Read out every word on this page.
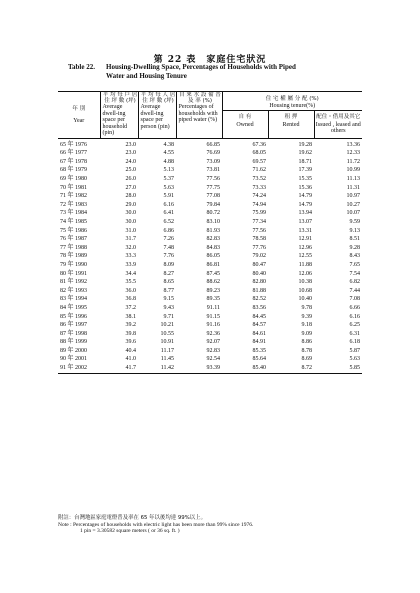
第 22 表　家庭住宅狀況
Table 22. Housing-Dwelling Space, Percentages of Households with Piped
Water and Housing Tenure
年 別
Year	平 均 每 戶 居 住 坪 數 (坪)
Average dwell-ing space per household (pin)	平 均 每 人 居 住 坪 數 (坪)
Average dwell-ing space per person (pin)	自 來 水 設 備 普 及 率 (%)
Percentages of households with piped water (%)	住 宅 權 屬 分 配 (%)
Housing tenure(%)		

				自 有
Owned	租 押
Rented	配住・借用及其它
Issued , leased and others

65 年 1976	23.0	4.38	66.85	67.36	19.28	13.36
66 年 1977	23.0	4.55	76.69	68.05	19.62	12.33
67 年 1978	24.0	4.88	73.09	69.57	18.71	11.72
68 年 1979	25.0	5.13	73.81	71.62	17.39	10.99
69 年 1980	26.0	5.37	77.56	73.52	15.35	11.13
70 年 1981	27.0	5.63	77.75	73.33	15.36	11.31
71 年 1982	28.0	5.91	77.08	74.24	14.79	10.97
72 年 1983	29.0	6.16	79.84	74.94	14.79	10.27
73 年 1984	30.0	6.41	80.72	75.99	13.94	10.07
74 年 1985	30.0	6.52	83.10	77.34	13.07	9.59
75 年 1986	31.0	6.86	81.93	77.56	13.31	9.13
76 年 1987	31.7	7.26	82.83	78.58	12.91	8.51
77 年 1988	32.0	7.48	84.83	77.76	12.96	9.28
78 年 1989	33.3	7.76	86.05	79.02	12.55	8.43
79 年 1990	33.9	8.09	86.81	80.47	11.88	7.65
80 年 1991	34.4	8.27	87.45	80.40	12.06	7.54
81 年 1992	35.5	8.65	88.62	82.80	10.38	6.82
82 年 1993	36.0	8.77	89.23	81.88	10.68	7.44
83 年 1994	36.8	9.15	89.35	82.52	10.40	7.08
84 年 1995	37.2	9.43	91.11	83.56	9.78	6.66
85 年 1996	38.1	9.71	91.15	84.45	9.39	6.16
86 年 1997	39.2	10.21	91.16	84.57	9.18	6.25
87 年 1998	39.8	10.55	92.36	84.61	9.09	6.31
88 年 1999	39.6	10.91	92.07	84.91	8.86	6.18
89 年 2000	40.4	11.17	92.83	85.35	8.78	5.87
90 年 2001	41.0	11.45	92.54	85.64	8.69	5.63
91 年 2002	41.7	11.42	93.39	85.40	8.72	5.85

附註：台灣地區家庭電燈普及率在 65 年以後均達 99%以上。
Note : Percentages of households with electric light has been more than 99% since 1976.
1 pin = 3.30582 square meters ( or 36 sq. ft. )
